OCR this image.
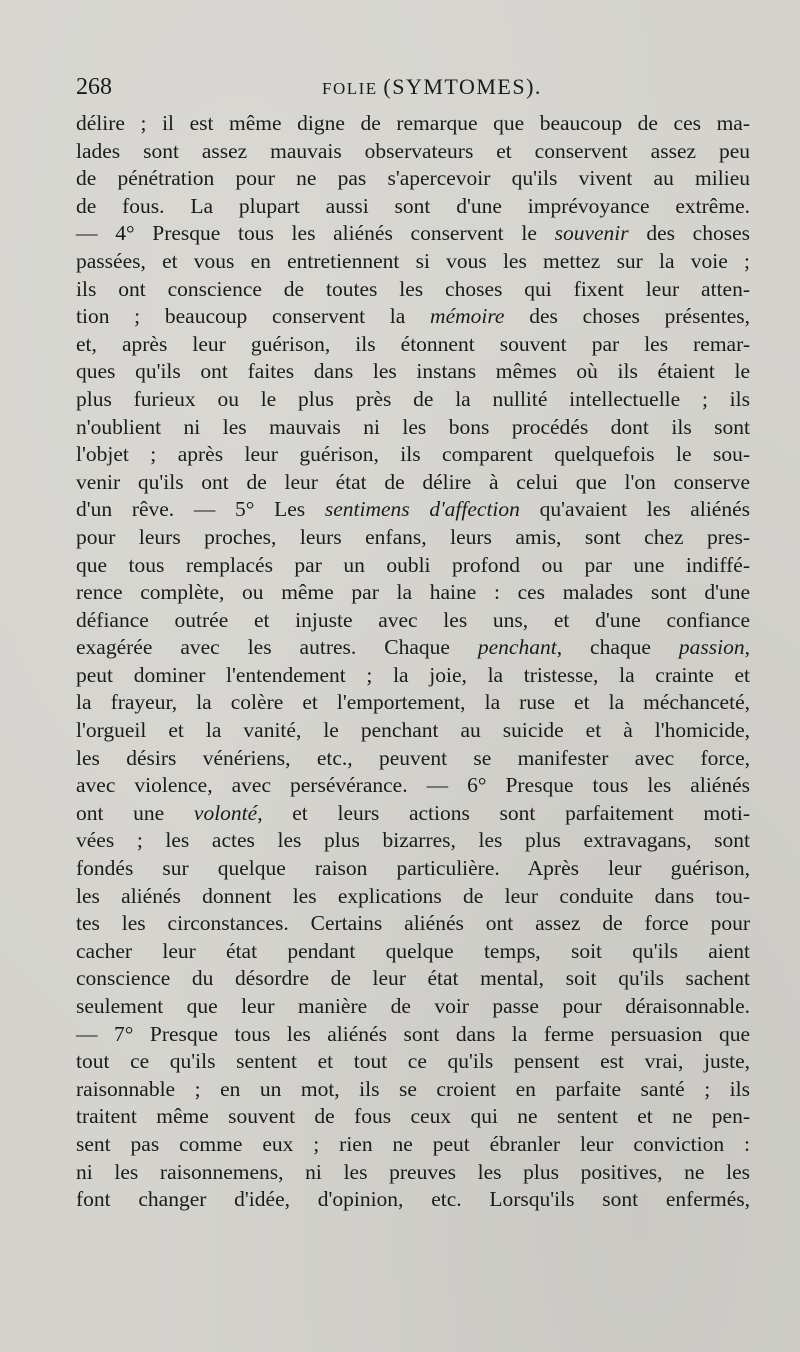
268	FOLIE (SYMTOMES).
délire ; il est même digne de remarque que beaucoup de ces ma-
lades sont assez mauvais observateurs et conservent assez peu
de pénétration pour ne pas s'apercevoir qu'ils vivent au milieu
de fous. La plupart aussi sont d'une imprévoyance extrême.
— 4° Presque tous les aliénés conservent le souvenir des choses
passées, et vous en entretiennent si vous les mettez sur la voie ;
ils ont conscience de toutes les choses qui fixent leur atten-
tion ; beaucoup conservent la mémoire des choses présentes,
et, après leur guérison, ils étonnent souvent par les remar-
ques qu'ils ont faites dans les instans mêmes où ils étaient le
plus furieux ou le plus près de la nullité intellectuelle ; ils
n'oublient ni les mauvais ni les bons procédés dont ils sont
l'objet ; après leur guérison, ils comparent quelquefois le sou-
venir qu'ils ont de leur état de délire à celui que l'on conserve
d'un rêve. — 5° Les sentimens d'affection qu'avaient les aliénés
pour leurs proches, leurs enfans, leurs amis, sont chez pres-
que tous remplacés par un oubli profond ou par une indiffé-
rence complète, ou même par la haine : ces malades sont d'une
défiance outrée et injuste avec les uns, et d'une confiance
exagérée avec les autres. Chaque penchant, chaque passion,
peut dominer l'entendement ; la joie, la tristesse, la crainte et
la frayeur, la colère et l'emportement, la ruse et la méchanceté,
l'orgueil et la vanité, le penchant au suicide et à l'homicide,
les désirs vénériens, etc., peuvent se manifester avec force,
avec violence, avec persévérance. — 6° Presque tous les aliénés
ont une volonté, et leurs actions sont parfaitement moti-
vées ; les actes les plus bizarres, les plus extravagans, sont
fondés sur quelque raison particulière. Après leur guérison,
les aliénés donnent les explications de leur conduite dans tou-
tes les circonstances. Certains aliénés ont assez de force pour
cacher leur état pendant quelque temps, soit qu'ils aient
conscience du désordre de leur état mental, soit qu'ils sachent
seulement que leur manière de voir passe pour déraisonnable.
— 7° Presque tous les aliénés sont dans la ferme persuasion que
tout ce qu'ils sentent et tout ce qu'ils pensent est vrai, juste,
raisonnable ; en un mot, ils se croient en parfaite santé ; ils
traitent même souvent de fous ceux qui ne sentent et ne pen-
sent pas comme eux ; rien ne peut ébranler leur conviction :
ni les raisonnemens, ni les preuves les plus positives, ne les
font changer d'idée, d'opinion, etc. Lorsqu'ils sont enfermés,
